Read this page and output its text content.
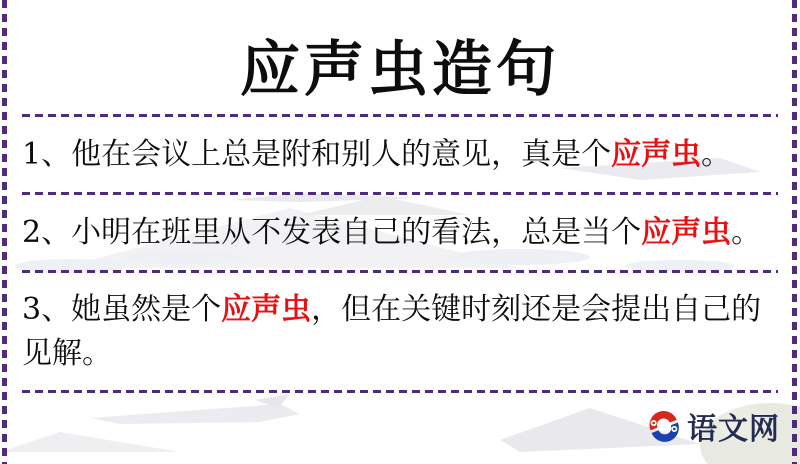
应声虫造句
1、他在会议上总是附和别人的意见，真是个应声虫。
2、小明在班里从不发表自己的看法，总是当个应声虫。
3、她虽然是个应声虫，但在关键时刻还是会提出自己的见解。
语文网
